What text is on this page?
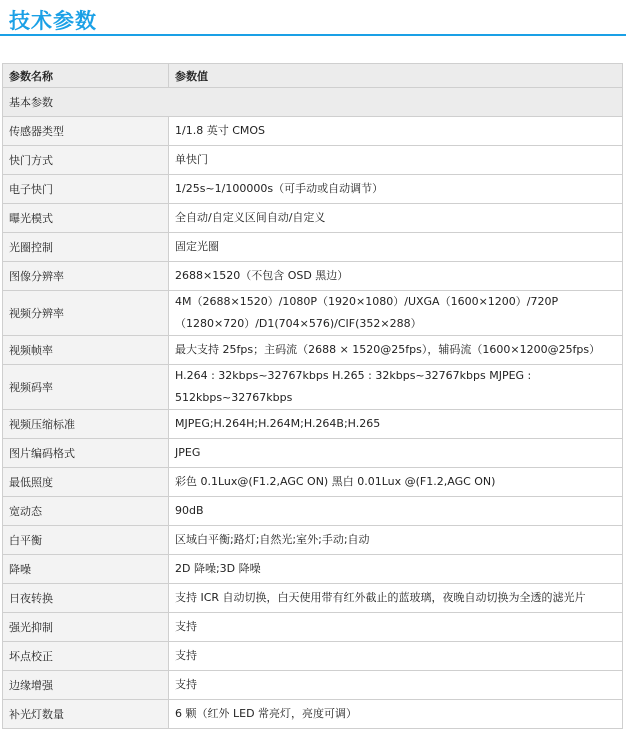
技术参数
参数名称	参数值
基本参数	
传感器类型	1/1.8 英寸 CMOS
快门方式	单快门
电子快门	1/25s~1/100000s（可手动或自动调节）
曝光模式	全自动/自定义区间自动/自定义
光圈控制	固定光圈
图像分辨率	2688×1520（不包含 OSD 黑边）
视频分辨率	4M（2688×1520）/1080P（1920×1080）/UXGA（1600×1200）/720P（1280×720）/D1(704×576)/CIF(352×288）
视频帧率	最大支持 25fps；主码流（2688 × 1520@25fps），辅码流（1600×1200@25fps）
视频码率	H.264 : 32kbps~32767kbps H.265 : 32kbps~32767kbps MJPEG : 512kbps~32767kbps
视频压缩标准	MJPEG;H.264H;H.264M;H.264B;H.265
图片编码格式	JPEG
最低照度	彩色 0.1Lux@(F1.2,AGC ON) 黑白 0.01Lux @(F1.2,AGC ON)
宽动态	90dB
白平衡	区域白平衡;路灯;自然光;室外;手动;自动
降噪	2D 降噪;3D 降噪
日夜转换	支持 ICR 自动切换，白天使用带有红外截止的蓝玻璃，夜晚自动切换为全透的滤光片
强光抑制	支持
坏点校正	支持
边缘增强	支持
补光灯数量	6 颗（红外 LED 常亮灯，亮度可调）
